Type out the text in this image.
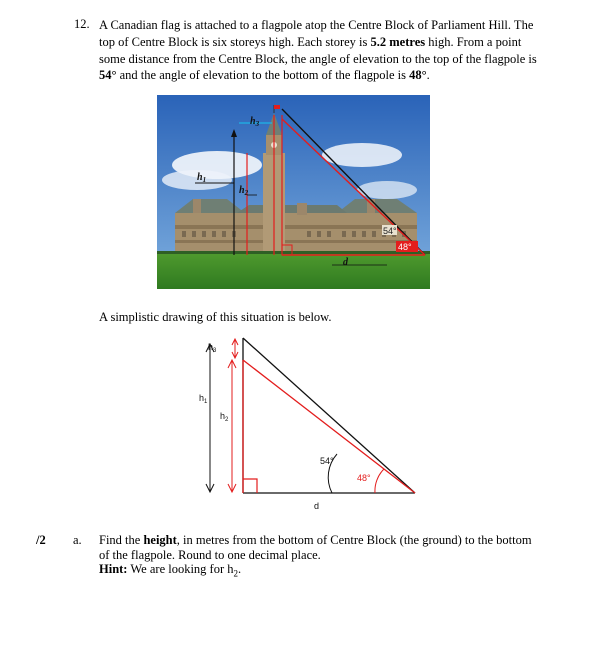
12. A Canadian flag is attached to a flagpole atop the Centre Block of Parliament Hill. The top of Centre Block is six storeys high. Each storey is 5.2 metres high. From a point some distance from the Centre Block, the angle of elevation to the top of the flagpole is 54° and the angle of elevation to the bottom of the flagpole is 48°.
$h_3$
$h_1$
$h_2$
54°
48°
d
A simplistic drawing of this situation is below.
$h_3$
$h_1$
$h_2$
54°
48°
d
/2 a. Find the height, in metres from the bottom of Centre Block (the ground) to the bottom of the flagpole. Round to one decimal place.
Hint: We are looking for $h_2$.
